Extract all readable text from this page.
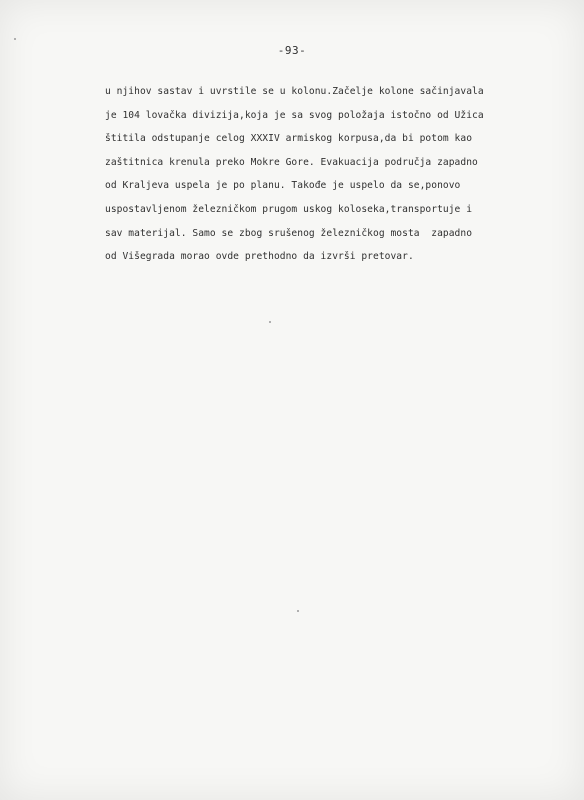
-93-
u njihov sastav i uvrstile se u kolonu.Začelje kolone sačinjavala
je 104 lovačka divizija,koja je sa svog položaja istočno od Užica
štitila odstupanje celog XXXIV armiskog korpusa,da bi potom kao
zaštitnica krenula preko Mokre Gore. Evakuacija područja zapadno
od Kraljeva uspela je po planu. Takođe je uspelo da se,ponovo
uspostavljenom železničkom prugom uskog koloseka,transportuje i
sav materijal. Samo se zbog srušenog železničkog mosta  zapadno
od Višegrada morao ovde prethodno da izvrši pretovar.
